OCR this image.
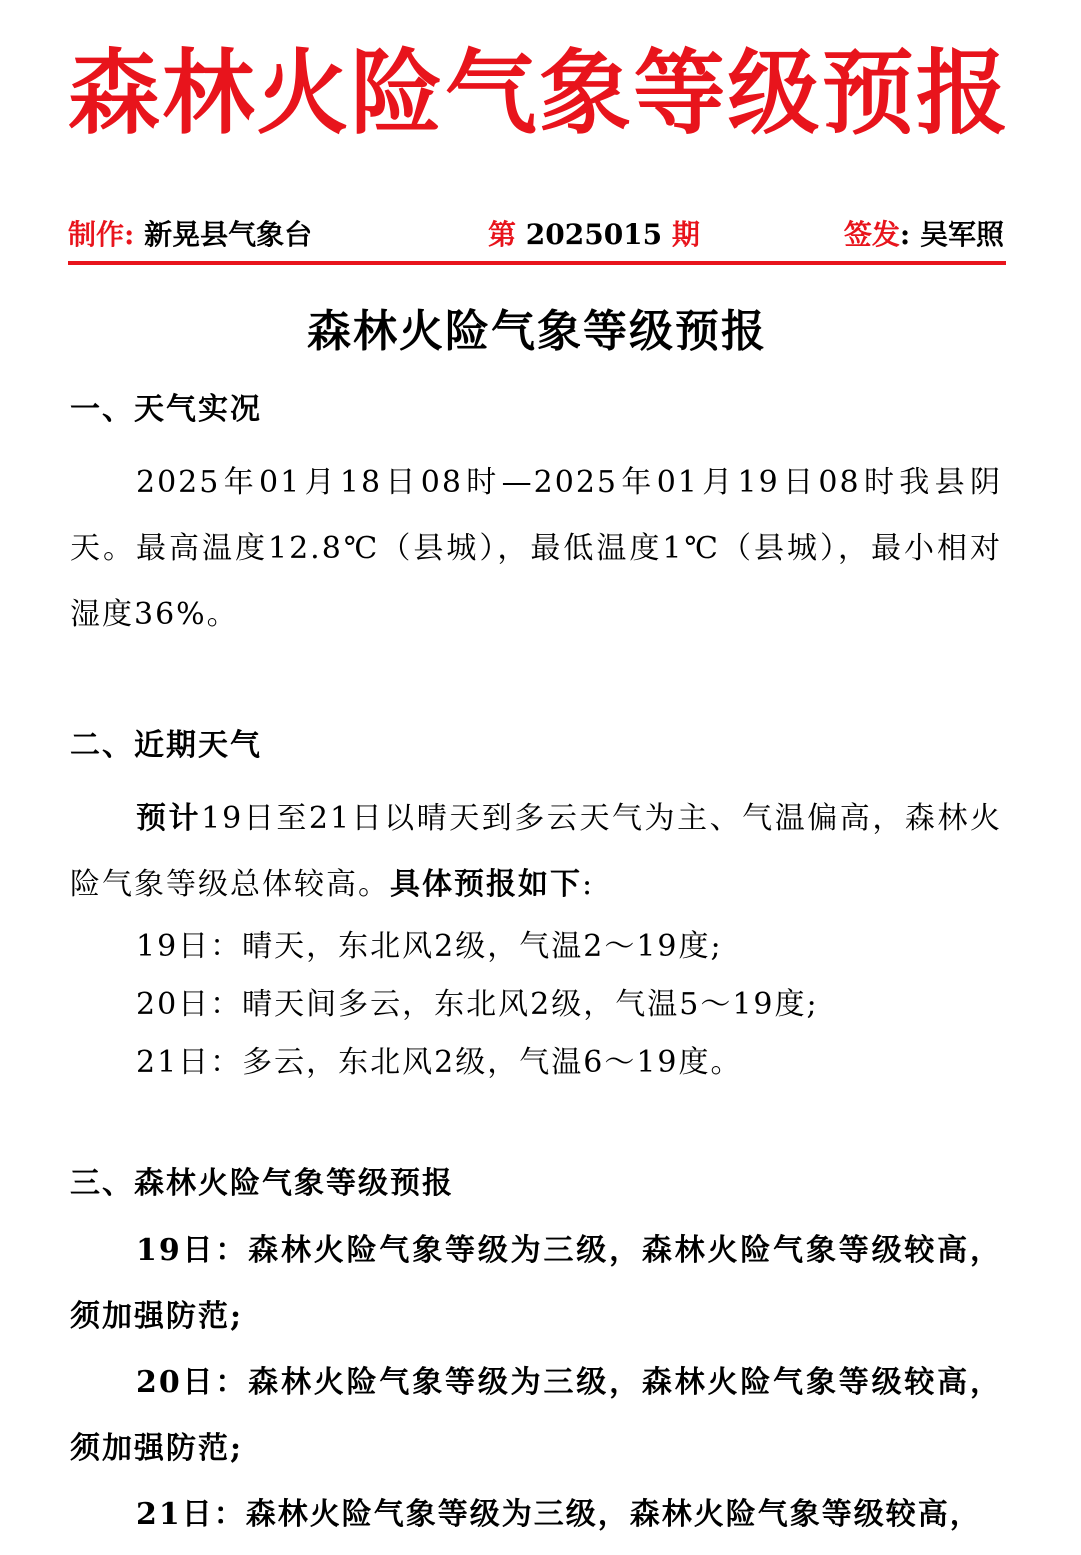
森 林 火 险 气 象 等 级 预 报
制作: 新晃县气象台	第 2025015 期	签发: 吴军照
森林火险气象等级预报
一、天气实况
2025年01月18日08时—2025年01月19日08时我县阴天。最高温度12.8℃（县城），最低温度1℃（县城），最小相对湿度36%。
二、近期天气
预计19日至21日以晴天到多云天气为主、气温偏高，森林火险气象等级总体较高。具体预报如下:
19日：晴天，东北风2级，气温2～19度;
20日：晴天间多云，东北风2级，气温5～19度;
21日：多云，东北风2级，气温6～19度。
三、森林火险气象等级预报
19日：森林火险气象等级为三级，森林火险气象等级较高，须加强防范;
20日：森林火险气象等级为三级，森林火险气象等级较高，须加强防范;
21日：森林火险气象等级为三级，森林火险气象等级较高，
